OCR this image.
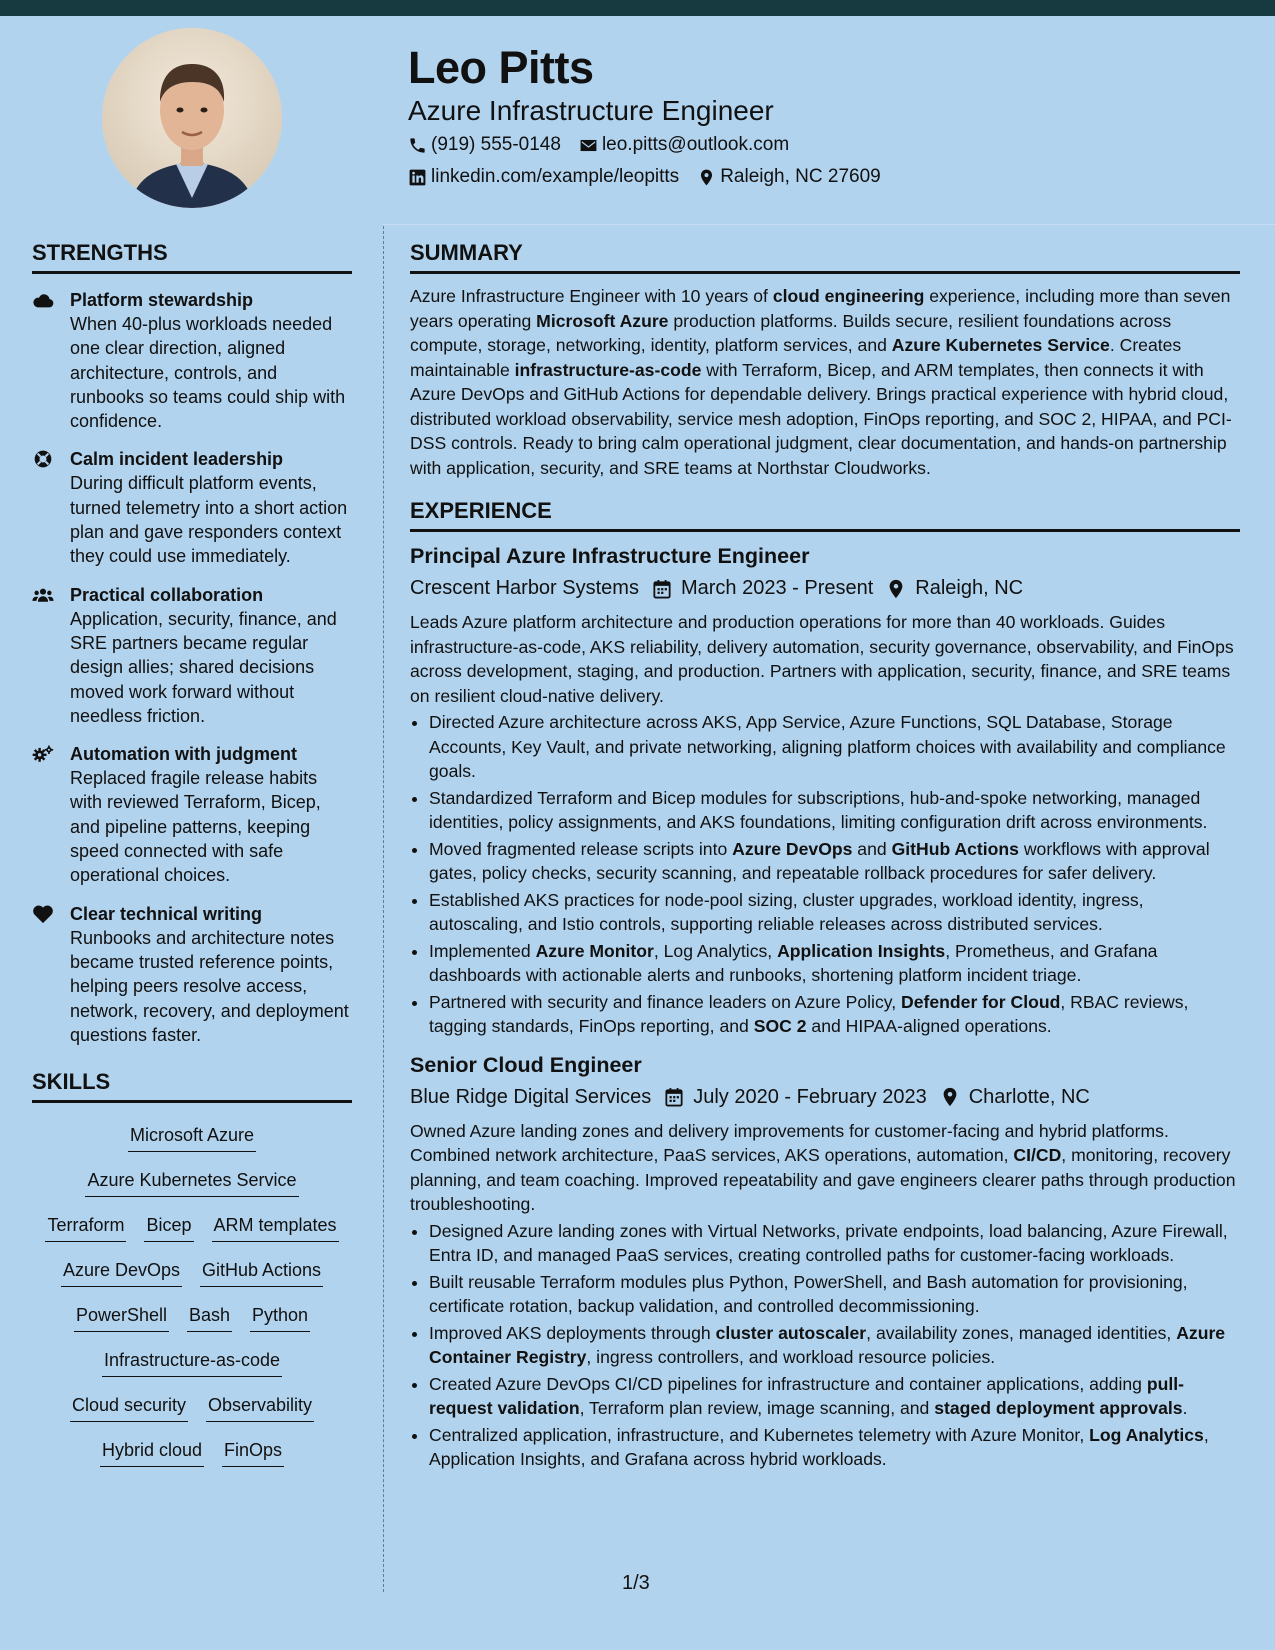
Leo Pitts
Azure Infrastructure Engineer
(919) 555-0148 leo.pitts@outlook.com
linkedin.com/example/leopitts Raleigh, NC 27609
STRENGTHS
Platform stewardship
When 40-plus workloads needed one clear direction, aligned architecture, controls, and runbooks so teams could ship with confidence.
Calm incident leadership
During difficult platform events, turned telemetry into a short action plan and gave responders context they could use immediately.
Practical collaboration
Application, security, finance, and SRE partners became regular design allies; shared decisions moved work forward without needless friction.
Automation with judgment
Replaced fragile release habits with reviewed Terraform, Bicep, and pipeline patterns, keeping speed connected with safe operational choices.
Clear technical writing
Runbooks and architecture notes became trusted reference points, helping peers resolve access, network, recovery, and deployment questions faster.
SKILLS
Microsoft Azure
Azure Kubernetes Service
Terraform Bicep ARM templates
Azure DevOps GitHub Actions
PowerShell Bash Python
Infrastructure-as-code
Cloud security Observability
Hybrid cloud FinOps
SUMMARY

Azure Infrastructure Engineer with 10 years of cloud engineering experience, including more than seven years operating Microsoft Azure production platforms. Builds secure, resilient foundations across compute, storage, networking, identity, platform services, and Azure Kubernetes Service. Creates maintainable infrastructure-as-code with Terraform, Bicep, and ARM templates, then connects it with Azure DevOps and GitHub Actions for dependable delivery. Brings practical experience with hybrid cloud, distributed workload observability, service mesh adoption, FinOps reporting, and SOC 2, HIPAA, and PCI-DSS controls. Ready to bring calm operational judgment, clear documentation, and hands-on partnership with application, security, and SRE teams at Northstar Cloudworks.

EXPERIENCE
Principal Azure Infrastructure Engineer
Crescent Harbor Systems March 2023 - Present Raleigh, NC

Leads Azure platform architecture and production operations for more than 40 workloads. Guides infrastructure-as-code, AKS reliability, delivery automation, security governance, observability, and FinOps across development, staging, and production. Partners with application, security, finance, and SRE teams on resilient cloud-native delivery.

• Directed Azure architecture across AKS, App Service, Azure Functions, SQL Database, Storage Accounts, Key Vault, and private networking, aligning platform choices with availability and compliance goals.
• Standardized Terraform and Bicep modules for subscriptions, hub-and-spoke networking, managed identities, policy assignments, and AKS foundations, limiting configuration drift across environments.
• Moved fragmented release scripts into Azure DevOps and GitHub Actions workflows with approval gates, policy checks, security scanning, and repeatable rollback procedures for safer delivery.
• Established AKS practices for node-pool sizing, cluster upgrades, workload identity, ingress, autoscaling, and Istio controls, supporting reliable releases across distributed services.
• Implemented Azure Monitor, Log Analytics, Application Insights, Prometheus, and Grafana dashboards with actionable alerts and runbooks, shortening platform incident triage.
• Partnered with security and finance leaders on Azure Policy, Defender for Cloud, RBAC reviews, tagging standards, FinOps reporting, and SOC 2 and HIPAA-aligned operations.
Senior Cloud Engineer
Blue Ridge Digital Services July 2020 - February 2023 Charlotte, NC

Owned Azure landing zones and delivery improvements for customer-facing and hybrid platforms. Combined network architecture, PaaS services, AKS operations, automation, CI/CD, monitoring, recovery planning, and team coaching. Improved repeatability and gave engineers clearer paths through production troubleshooting.

• Designed Azure landing zones with Virtual Networks, private endpoints, load balancing, Azure Firewall, Entra ID, and managed PaaS services, creating controlled paths for customer-facing workloads.
• Built reusable Terraform modules plus Python, PowerShell, and Bash automation for provisioning, certificate rotation, backup validation, and controlled decommissioning.
• Improved AKS deployments through cluster autoscaler, availability zones, managed identities, Azure Container Registry, ingress controllers, and workload resource policies.
• Created Azure DevOps CI/CD pipelines for infrastructure and container applications, adding pull-request validation, Terraform plan review, image scanning, and staged deployment approvals.
• Centralized application, infrastructure, and Kubernetes telemetry with Azure Monitor, Log Analytics, Application Insights, and Grafana across hybrid workloads.
1/3
